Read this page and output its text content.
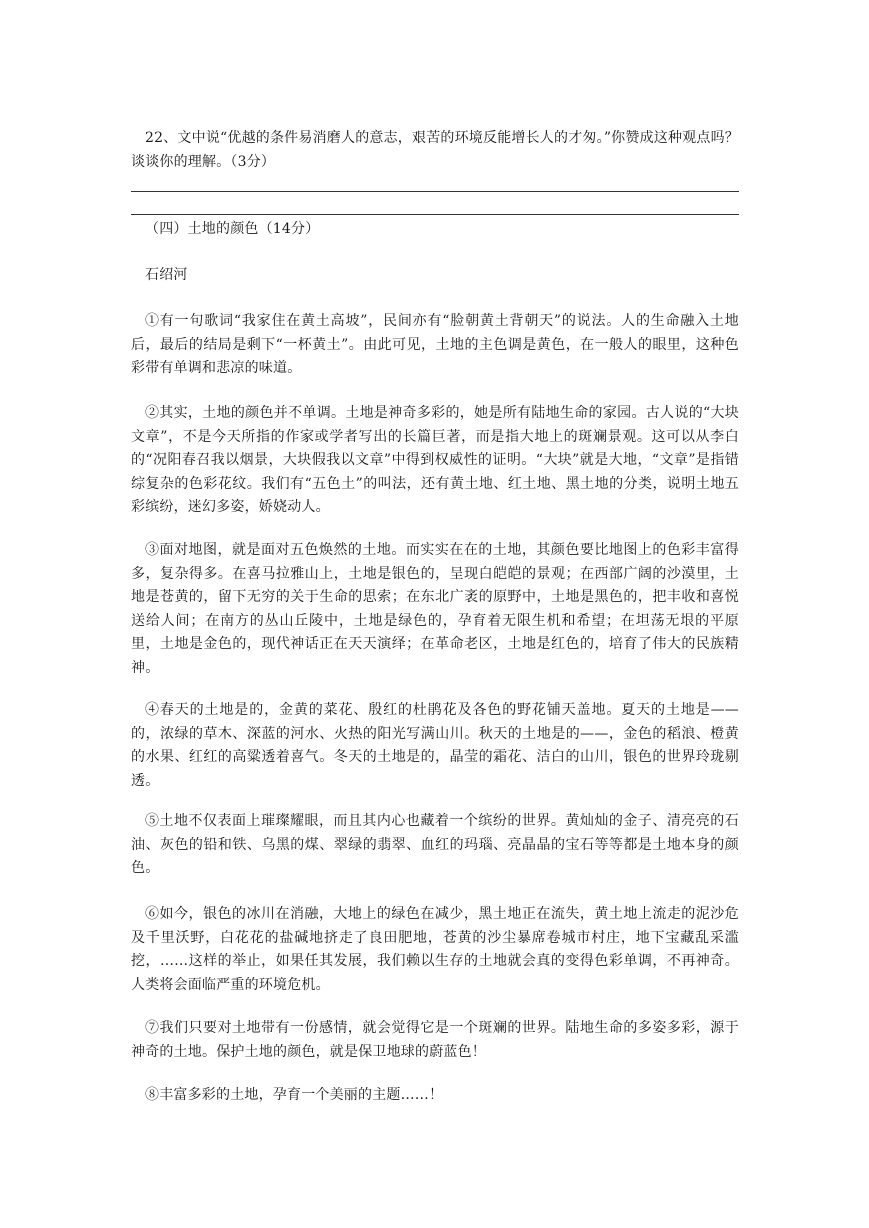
22、文中说“优越的条件易消磨人的意志，艰苦的环境反能增长人的才匆。”你赞成这种观点吗？谈谈你的理解。（3分）
（四）土地的颜色（14分）
石绍河
①有一句歌词“我家住在黄土高坡”，民间亦有“脸朝黄土背朝天”的说法。人的生命融入土地后，最后的结局是剩下“一杯黄土”。由此可见，土地的主色调是黄色，在一般人的眼里，这种色彩带有单调和悲凉的味道。
②其实，土地的颜色并不单调。土地是神奇多彩的，她是所有陆地生命的家园。古人说的“大块文章”，不是今天所指的作家或学者写出的长篇巨著，而是指大地上的斑斓景观。这可以从李白的“况阳春召我以烟景，大块假我以文章”中得到权威性的证明。“大块”就是大地，“文章”是指错综复杂的色彩花纹。我们有“五色土”的叫法，还有黄土地、红土地、黑土地的分类，说明土地五彩缤纷，迷幻多姿，娇娆动人。
③面对地图，就是面对五色焕然的土地。而实实在在的土地，其颜色要比地图上的色彩丰富得多，复杂得多。在喜马拉雅山上，土地是银色的，呈现白皑皑的景观；在西部广阔的沙漠里，土地是苍黄的，留下无穷的关于生命的思索；在东北广袤的原野中，土地是黑色的，把丰收和喜悦送给人间；在南方的丛山丘陵中，土地是绿色的，孕育着无限生机和希望；在坦荡无垠的平原里，土地是金色的，现代神话正在天天演绎；在革命老区，土地是红色的，培育了伟大的民族精神。
④春天的土地是的，金黄的菜花、殷红的杜鹃花及各色的野花铺天盖地。夏天的土地是——的，浓绿的草木、深蓝的河水、火热的阳光写满山川。秋天的土地是的——，金色的稻浪、橙黄的水果、红红的高粱透着喜气。冬天的土地是的，晶莹的霜花、洁白的山川，银色的世界玲珑剔透。
⑤土地不仅表面上璀璨耀眼，而且其内心也藏着一个缤纷的世界。黄灿灿的金子、清亮亮的石油、灰色的铅和铁、乌黑的煤、翠绿的翡翠、血红的玛瑙、亮晶晶的宝石等等都是土地本身的颜色。
⑥如今，银色的冰川在消融，大地上的绿色在减少，黑土地正在流失，黄土地上流走的泥沙危及千里沃野，白花花的盐碱地挤走了良田肥地，苍黄的沙尘暴席卷城市村庄，地下宝藏乱采滥挖，……这样的举止，如果任其发展，我们赖以生存的土地就会真的变得色彩单调，不再神奇。人类将会面临严重的环境危机。
⑦我们只要对土地带有一份感情，就会觉得它是一个斑斓的世界。陆地生命的多姿多彩，源于神奇的土地。保护土地的颜色，就是保卫地球的蔚蓝色！
⑧丰富多彩的土地，孕育一个美丽的主题……！
